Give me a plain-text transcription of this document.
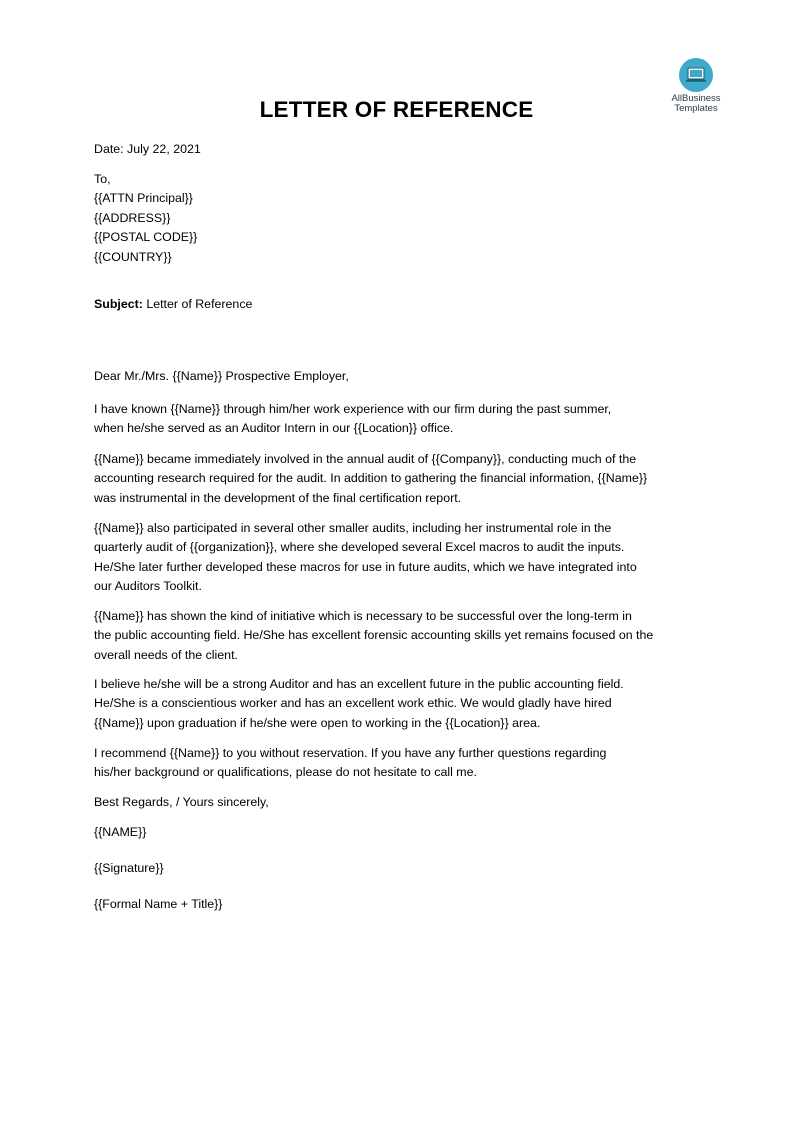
AllBusiness
Templates
LETTER OF REFERENCE
Date: July 22, 2021
To,
{{ATTN Principal}}
{{ADDRESS}}
{{POSTAL CODE}}
{{COUNTRY}}
Subject: Letter of Reference
Dear Mr./Mrs. {{Name}} Prospective Employer,
I have known {{Name}} through him/her work experience with our firm during the past summer,
when he/she served as an Auditor Intern in our {{Location}} office.
{{Name}} became immediately involved in the annual audit of {{Company}}, conducting much of the
accounting research required for the audit. In addition to gathering the financial information, {{Name}}
was instrumental in the development of the final certification report.
{{Name}} also participated in several other smaller audits, including her instrumental role in the
quarterly audit of {{organization}}, where she developed several Excel macros to audit the inputs.
He/She later further developed these macros for use in future audits, which we have integrated into
our Auditors Toolkit.
{{Name}} has shown the kind of initiative which is necessary to be successful over the long-term in
the public accounting field. He/She has excellent forensic accounting skills yet remains focused on the
overall needs of the client.
I believe he/she will be a strong Auditor and has an excellent future in the public accounting field.
He/She is a conscientious worker and has an excellent work ethic. We would gladly have hired
{{Name}} upon graduation if he/she were open to working in the {{Location}} area.
I recommend {{Name}} to you without reservation. If you have any further questions regarding
his/her background or qualifications, please do not hesitate to call me.
Best Regards, / Yours sincerely,
{{NAME}}
{{Signature}}
{{Formal Name + Title}}
